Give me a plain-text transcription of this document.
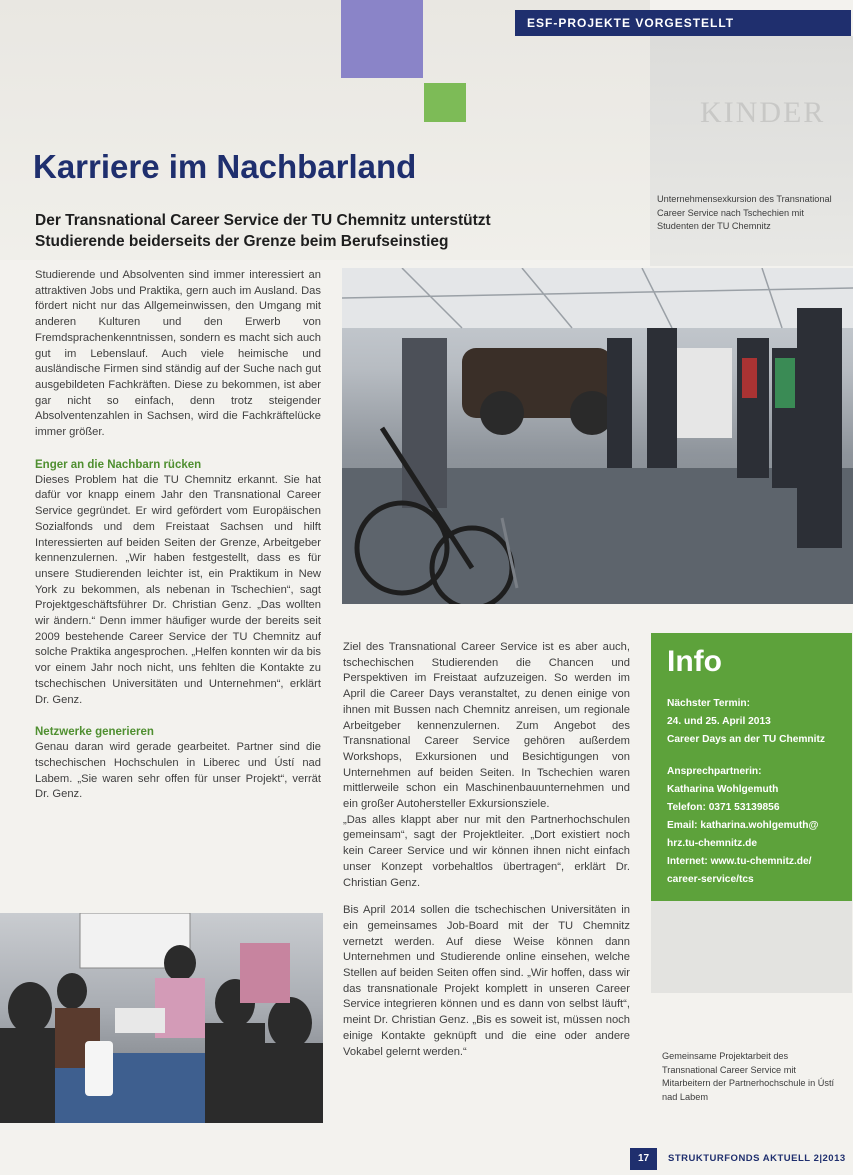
KINDER
ESF-PROJEKTE VORGESTELLT
Karriere im Nachbarland
Der Transnational Career Service der TU Chemnitz unterstützt Studierende beiderseits der Grenze beim Berufseinstieg
Unternehmensexkursion des Transnational Career Service nach Tschechien mit Studenten der TU Chemnitz

Studierende und Absolventen sind immer interessiert an attraktiven Jobs und Praktika, gern auch im Ausland. Das fördert nicht nur das Allgemeinwissen, den Umgang mit anderen Kulturen und den Erwerb von Fremdsprachenkenntnissen, sondern es macht sich auch gut im Lebenslauf. Auch viele heimische und ausländische Firmen sind ständig auf der Suche nach gut ausgebildeten Fachkräften. Diese zu bekommen, ist aber gar nicht so einfach, denn trotz steigender Absolventenzahlen in Sachsen, wird die Fachkräftelücke immer größer.

Enger an die Nachbarn rücken

Dieses Problem hat die TU Chemnitz erkannt. Sie hat dafür vor knapp einem Jahr den Transnational Career Service gegründet. Er wird gefördert vom Europäischen Sozialfonds und dem Freistaat Sachsen und hilft Interessierten auf beiden Seiten der Grenze, Arbeitgeber kennenzulernen. „Wir haben festgestellt, dass es für unsere Studierenden leichter ist, ein Praktikum in New York zu bekommen, als nebenan in Tschechien“, sagt Projektgeschäftsführer Dr. Christian Genz. „Das wollten wir ändern.“ Denn immer häufiger wurde der bereits seit 2009 bestehende Career Service der TU Chemnitz auf solche Praktika angesprochen. „Helfen konnten wir da bis vor einem Jahr noch nicht, uns fehlten die Kontakte zu tschechischen Universitäten und Unternehmen“, erklärt Dr. Genz.

Netzwerke generieren

Genau daran wird gerade gearbeitet. Partner sind die tschechischen Hochschulen in Liberec und Ústí nad Labem. „Sie waren sehr offen für unser Projekt“, verrät Dr. Genz.

Ziel des Transnational Career Service ist es aber auch, tschechischen Studierenden die Chancen und Perspektiven im Freistaat aufzuzeigen. So werden im April die Career Days veranstaltet, zu denen einige von ihnen mit Bussen nach Chemnitz anreisen, um regionale Arbeitgeber kennenzulernen. Zum Angebot des Transnational Career Service gehören außerdem Workshops, Exkursionen und Besichtigungen von Unternehmen auf beiden Seiten. In Tschechien waren mittlerweile schon ein Maschinenbauunternehmen und ein großer Autohersteller Exkursionsziele.

„Das alles klappt aber nur mit den Partnerhochschulen gemeinsam“, sagt der Projektleiter. „Dort existiert noch kein Career Service und wir können ihnen nicht einfach unser Konzept vorbehaltlos übertragen“, erklärt Dr. Christian Genz.

Bis April 2014 sollen die tschechischen Universitäten in ein gemeinsames Job-Board mit der TU Chemnitz vernetzt werden. Auf diese Weise können dann Unternehmen und Studierende online einsehen, welche Stellen auf beiden Seiten offen sind. „Wir hoffen, dass wir das transnationale Projekt komplett in unseren Career Service integrieren können und es dann von selbst läuft“, meint Dr. Christian Genz. „Bis es soweit ist, müssen noch einige Kontakte geknüpft und die eine oder andere Vokabel gelernt werden.“

Info
Nächster Termin:
24. und 25. April 2013
Career Days an der TU Chemnitz
Ansprechpartnerin:
Katharina Wohlgemuth
Telefon: 0371 53139856
Email: katharina.wohlgemuth@
hrz.tu-chemnitz.de
Internet: www.tu-chemnitz.de/
career-service/tcs
Gemeinsame Projektarbeit des Transnational Career Service mit Mitarbeitern der Partnerhochschule in Ústí nad Labem
17	STRUKTURFONDS AKTUELL 2|2013
